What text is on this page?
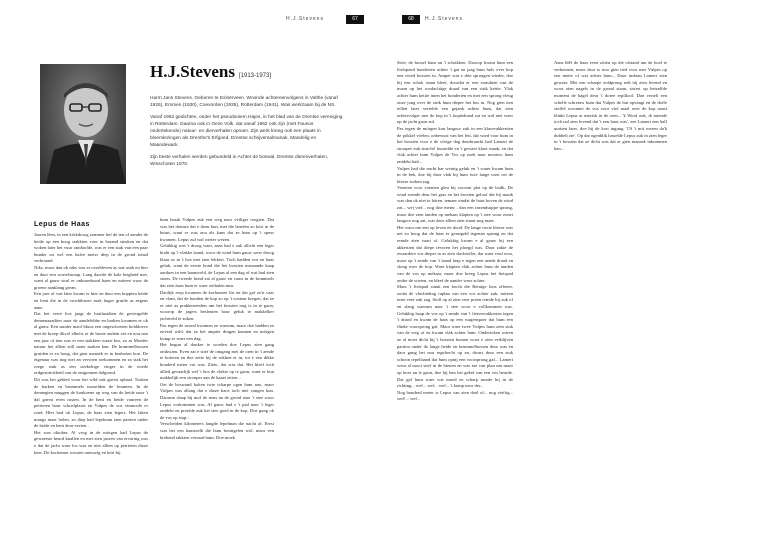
H.J.Stevens	67	68	H.J.Stevens
H.J.Stevens [1913-1973]

Harm Jans Stevens. Geboren te Exloërveen. Woonde achtereenvolgens in Valthe (vanaf 1926), Emmen (1930), Coevorden (1935), Rotterdam (1941). Was werkzaam bij de NS.

Vanaf 1962 gedichten, onder het pseudoniem Hajes, in het blad van de Drentse vereniging in Rotterdam. Daarna ook in Oeze Volk, dat vanaf 1962 ook zijn (met Faunus ondertekende) natuur- en dierverhalen opnam. Zijn werk kreeg ook een plaats in bloemlezingen als Drenthe's Erfgoed, Drentse schrijversalmanak, Mandelig en Maandewark.

Zijn beste verhalen werden gebundeld in Achter de boswal, Drentse dierenverhalen, Winschoten 1970.

Lepus de Haas

Jaoren lêen, in een körkdroog zommer hef de ien of aander de heide op een hoog stakkien voor in braand steuken en dat woken later het vuur ontdoofde, was er een stuk van een paar bunder tot wel een halve meter diep in de grond totaal verbraand.

Niks, maor dan ok niks was er overbleven as wat asak en hier en daor een wortelstomp. Lang daorde de kale leegheid met, want al gauw strul er onkruedzaod haen en miteen woor de groene aanklang grean.

Een jaor of wat later kwam er hier en daor een koppien heide en bent die in de vruchtbaore asak hoger gruide as aegens aans.

Dat het verre bos jaagt de hartlustdien de geviergelde dennenzaadties naor de aandelobbe en barken kwamen er ok al gauw. Een sunder maof bluus een ongeschoeten bolddoeve met de kroep ilkvol elkeiis er de laeste andem oet en nou nao een jaor of tien was er een stakkien waast bos, zo as Moeder natuur het allien zöll maer maken kan. De brummelbossen gruiden er zo hoog, dat gien mansek er in kenboien kon. De eigenaar was nog niet an vervoen toekommen en zo stak het roege stuk as een stiekeltige vinger in de wiede ordgestrückheid van de ontgonnen dalgrond.

Dit was het gebied woor het wild zuk gaerst ophaal. Tusken de barken en brummels nusselden de fesanten. In de dennegien muggen de konkoene op weg van de heide naor 't dal gaerst even rusten. In de bent en heide vanreen de petrieten hour schoelplaats en Vulpes de vos vimnoole er rond. Hier had ok Lepus, de haas zien legers. Het laken mangs maer holen, zo diep had lepelman zien partien onder de heide en bent deur-vreten...

Het was oktober. Al vrog in de mörgen had Lepus de gewaerste heurd knallen en met zien jaoren van ervaring was e dat de jacht waer los was en niet allien op petrieten dizze keer. De kochemer wouren oneuwig en kört bij

hum braak Vulpes zuk een weg naor veiliger roegien. Dat was het domste dat e doen kun, met die honden zo kört in de buurt, want er was zou als kans dat ze hum op 't speur kwamen. Lepus zul wal wieter wezen.

Gelukkig was 't droog waer, aans had e zuk allicht een leger kraht op 't vlakke laand, woor de wind hum gauw weer droog blaas as in 't bos met zien lekkert. Toch hadden vos en haas geluk, want de eerste hond die het bossien insnaande kaap aardoes in een haansveld, de Lepus al een dag of wat had zien stoen. De tweede hond zat al gauw en vaasi in de brummels dat zien haas hum er waer oethalen mus.

Daolijk erop kwamen de korhonner lös en dat gaf zo'n vaar en vlam, dat de honden de kop zo op 't oosteur kregen, dat ze er niet as prakkezeerden um het bossien nog is in te gaon, woorop de jagers besleuten hour geluk te makkelker jachtveld te zoken.

Pas tegen de avond kwamen ze waerum, maor doe hadden ze zoveul wild, dat ze het ampter drugen kunnen en mörgen komp er waer een dag.

Het begun al donker te worden doe Lepus zien gang ontkwam. Even zat e stief de omgang met de oren in 't aende te hoteren en doe zette hij de rokken er in, tot e een dikke honderd meter vot was. Zieto, dat was dat. Het bleef toch allied gevaarlijk wel 't bos de vlakte op te gaon, want er kun makkelijk een strouper aan de kaaet zitten...

Oet de boswand koken twie scharpe ogen hum nao, maor Vulpes was allang dat e dizze haos toch niet vangen kun. Daorum slaap hij mof de neus an de grond naor 't stee woor Lepus vorkommen was. Al gauw had e 't pad naor 't leger ontdekt en proefde zuk het stee goed in de kop. Doe gung ok de vos op stap...

Verscheiden kilometers langde lepelman die nacht af. Eerst was het een haastzelk die hum besingelen wol, maor een brekend takkien verraad hum. Doe moek

Strie, de bossel hum an 't schrikken. Daorop kwam hum een löslopend honderien achter 't gat en jaag hum halv over kop een vöred bossien in. Amper was e drie sprongen wieder, doe hij een schok staan bleef, doordat er een strauhien van de maon op het roodachtige draad van een strik kettie. Vlak achter hum kettie inien het honderien en met een sprong vleug onze jong over de strik hum dieper het bos in. Nog gien tien tellen later vertelde een gejank achter hum, dat zien achtervolger met de kop in 't kopiedraad zat en wal niet waer op de jacht gaon zul.

Pas tegen de mörgen kon langoor zuk in een klaverakkertien de pökkel vöelen, onbewust van het feit, dat wied voor hum in het bossien voor e de vörige dag deurbraacht had Lamert de strouper zuk strucht! hunselde en 't gewaer klaor maak, en dat vlak achter hum Vulpes de Vos op zoek naor mooien, hum ontdekt had...

Vulpes had die nacht bar weinig geluk en 't water kwam hum in de bek, doe hij daor vlak bij hum twie lange oren oet de klaver stoken zag.

Voenien voor voenien gleu hij voorsnt plat op de bodk. De wind roende deur het gras en het bossien geloof dat hij muuk was dan ok niet te hören, temaer omdat de haas boven de wind zat... wej vief... nog drie meter... dan een razendsuppe sprong, maor doe zien tanden op mekaar klapten op 't stee woor zonet langoor nog zat, was daor allien zien staart nog maer.

Het waor nie een op leven en dood. De lange rooie klaver was net zo hoog dat de haas er geruigeld tegenan sprung en dat remde zien vaart of. Gelukkig kwam e al gauw bij een akkertien dat diepe revoren het ploegd was. Daor zakte de zwaardere vos dieper in as zien slachtoffer, dat waer veul won, maor op 't aende van 't laand laup e tegen een aende draad en slong over de kop. Waer klapten vlak achter hum de tanden van de vos op mekaar, maor doe kreeg Lepus het fietspad onder de voeten, en bleef de aander waer achter.

Maor 't fietspad stuuk een bocht die Reinige lous offener, zodat de vluchteling ruplan van een vos achter zuk, miteen ieste veer zuk zag. Stoll op al zien veer poten remde hij zuk of en slaug waerum naor 't stee woor e vollkommen was. Gelukkig haap de vos op 't aende van 't fietsverakkerien tegen 't draod en kwam de haas op een wagenspoer dat hum een flinke voorsprong gaf. Maor waer twee Vulpes hum zien stuk van de weg of en kwam vlak achter hum. Ondertoken waren ze al moei dicht bij 't bossien komen woor e zien verhlijven partien onder de lange heide en brummelbossen deur was en daor gung het nou regelrecht op an, dwars deur een stuk schoon tepellaand dat hum opnij een voorsprong gaf... Lamert weur al mooi stief in de bienen en was net van plan um maor op hoes an te gaon, doe hij lem het gekef van een vos heurde. Dat gaf hum waer wat moed en scharp tuurde hij in de richting... wef... wef... wef... 't komp naor der...

Nog honderd meter is Lepus van zien doel of... nog vieftig... wef!... wef...

Aans blêf de haas even zitten op die ofstand um de boel te verkennen, maor daor is nou gien tied voor mer Vulpes op een meter of wat achter hum... Daor inslaan Lamert zien gewaer. Met een scharpe zoldprong redt hij zien levend en woor zien nagels in de grond staan, sistert op hetzelfde moment de hagel deur 't doree erpilloof. Dan vertelt een schelle schreiaw hum dat Vulpes de bui opvangt en de doffe stoffel woonnet de vos voor vief maal over de kop naast klinkt Lepus ar mezisk in de oren... 'k Word ook, ik miende toch tad zien levend dat 't een haas was', zee Lamert een half uurtien later, doe hij de kort ingung. 'Of 't mit wezen da'k dubbelt zie'. Op dat ogenblik lusselde Lepus zuk in zien leger in 't bossien dat ze dicht was dat er gien mansek inkommen kan...
